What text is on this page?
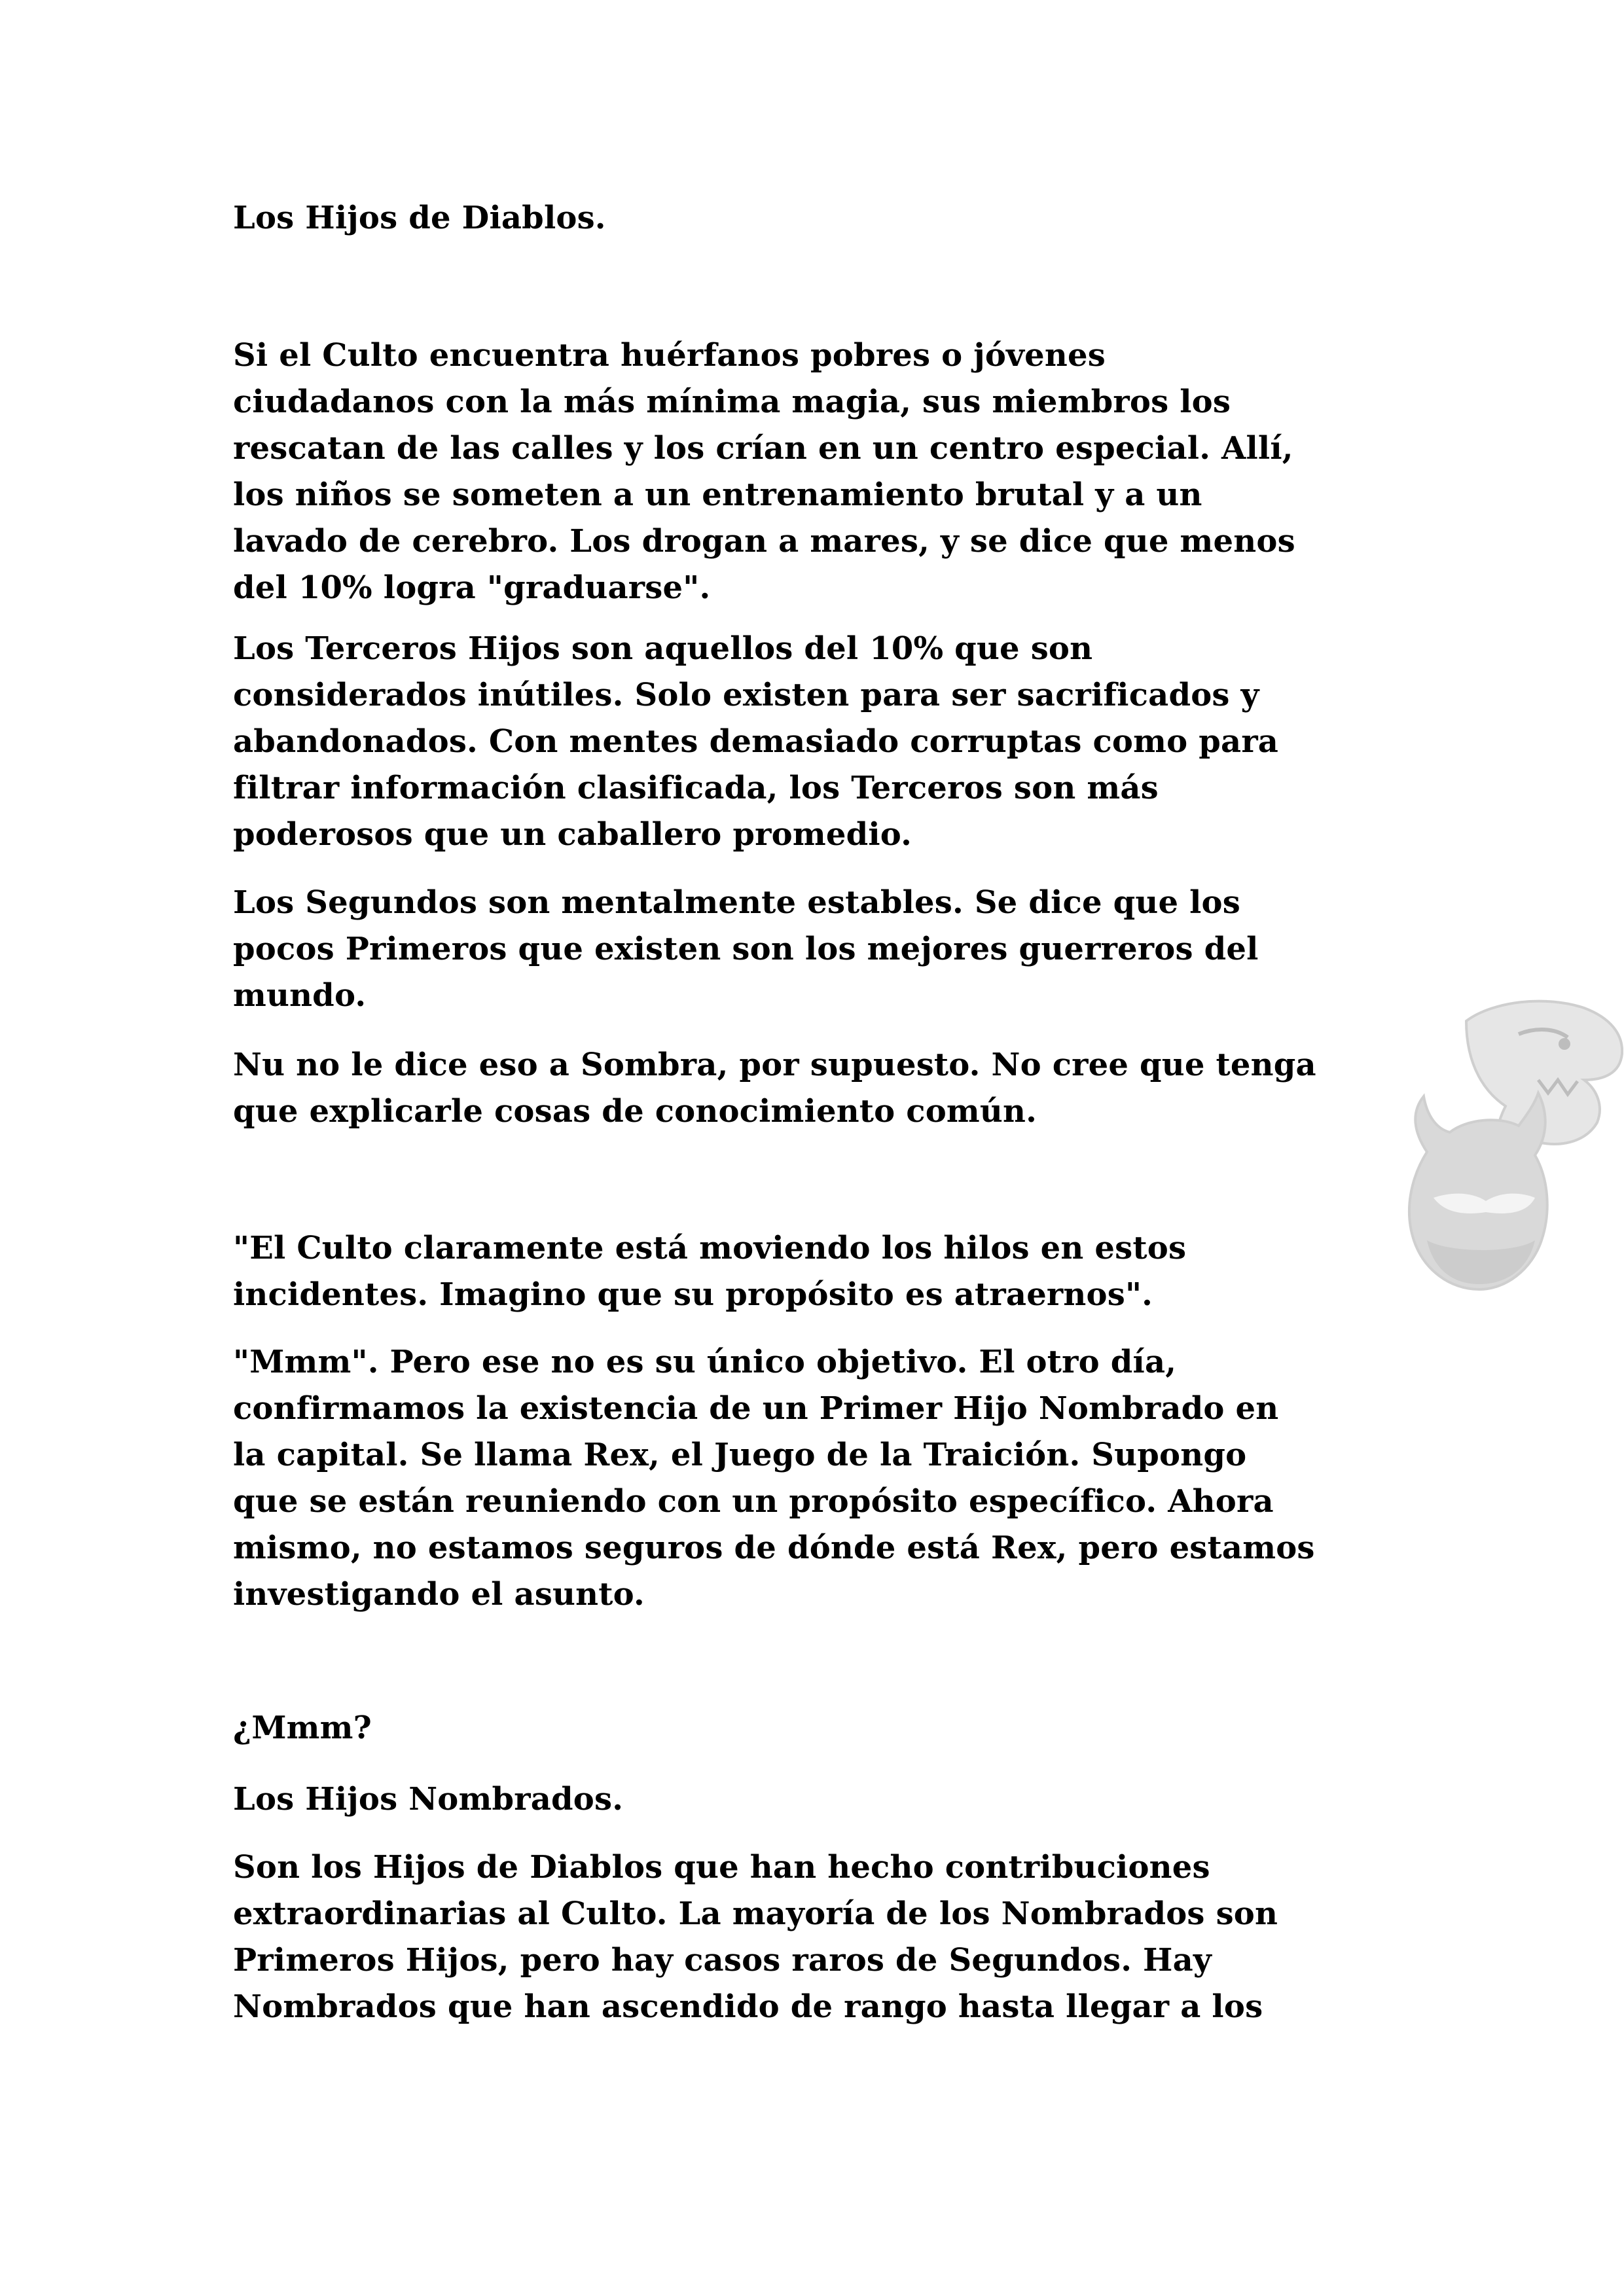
Los Hijos de Diablos.

Si el Culto encuentra huérfanos pobres o jóvenes
ciudadanos con la más mínima magia, sus miembros los
rescatan de las calles y los crían en un centro especial. Allí,
los niños se someten a un entrenamiento brutal y a un
lavado de cerebro. Los drogan a mares, y se dice que menos
del 10% logra "graduarse".

Los Terceros Hijos son aquellos del 10% que son
considerados inútiles. Solo existen para ser sacrificados y
abandonados. Con mentes demasiado corruptas como para
filtrar información clasificada, los Terceros son más
poderosos que un caballero promedio.

Los Segundos son mentalmente estables. Se dice que los
pocos Primeros que existen son los mejores guerreros del
mundo.

Nu no le dice eso a Sombra, por supuesto. No cree que tenga
que explicarle cosas de conocimiento común.

"El Culto claramente está moviendo los hilos en estos
incidentes. Imagino que su propósito es atraernos".

"Mmm". Pero ese no es su único objetivo. El otro día,
confirmamos la existencia de un Primer Hijo Nombrado en
la capital. Se llama Rex, el Juego de la Traición. Supongo
que se están reuniendo con un propósito específico. Ahora
mismo, no estamos seguros de dónde está Rex, pero estamos
investigando el asunto.

¿Mmm?

Los Hijos Nombrados.

Son los Hijos de Diablos que han hecho contribuciones
extraordinarias al Culto. La mayoría de los Nombrados son
Primeros Hijos, pero hay casos raros de Segundos. Hay
Nombrados que han ascendido de rango hasta llegar a los
